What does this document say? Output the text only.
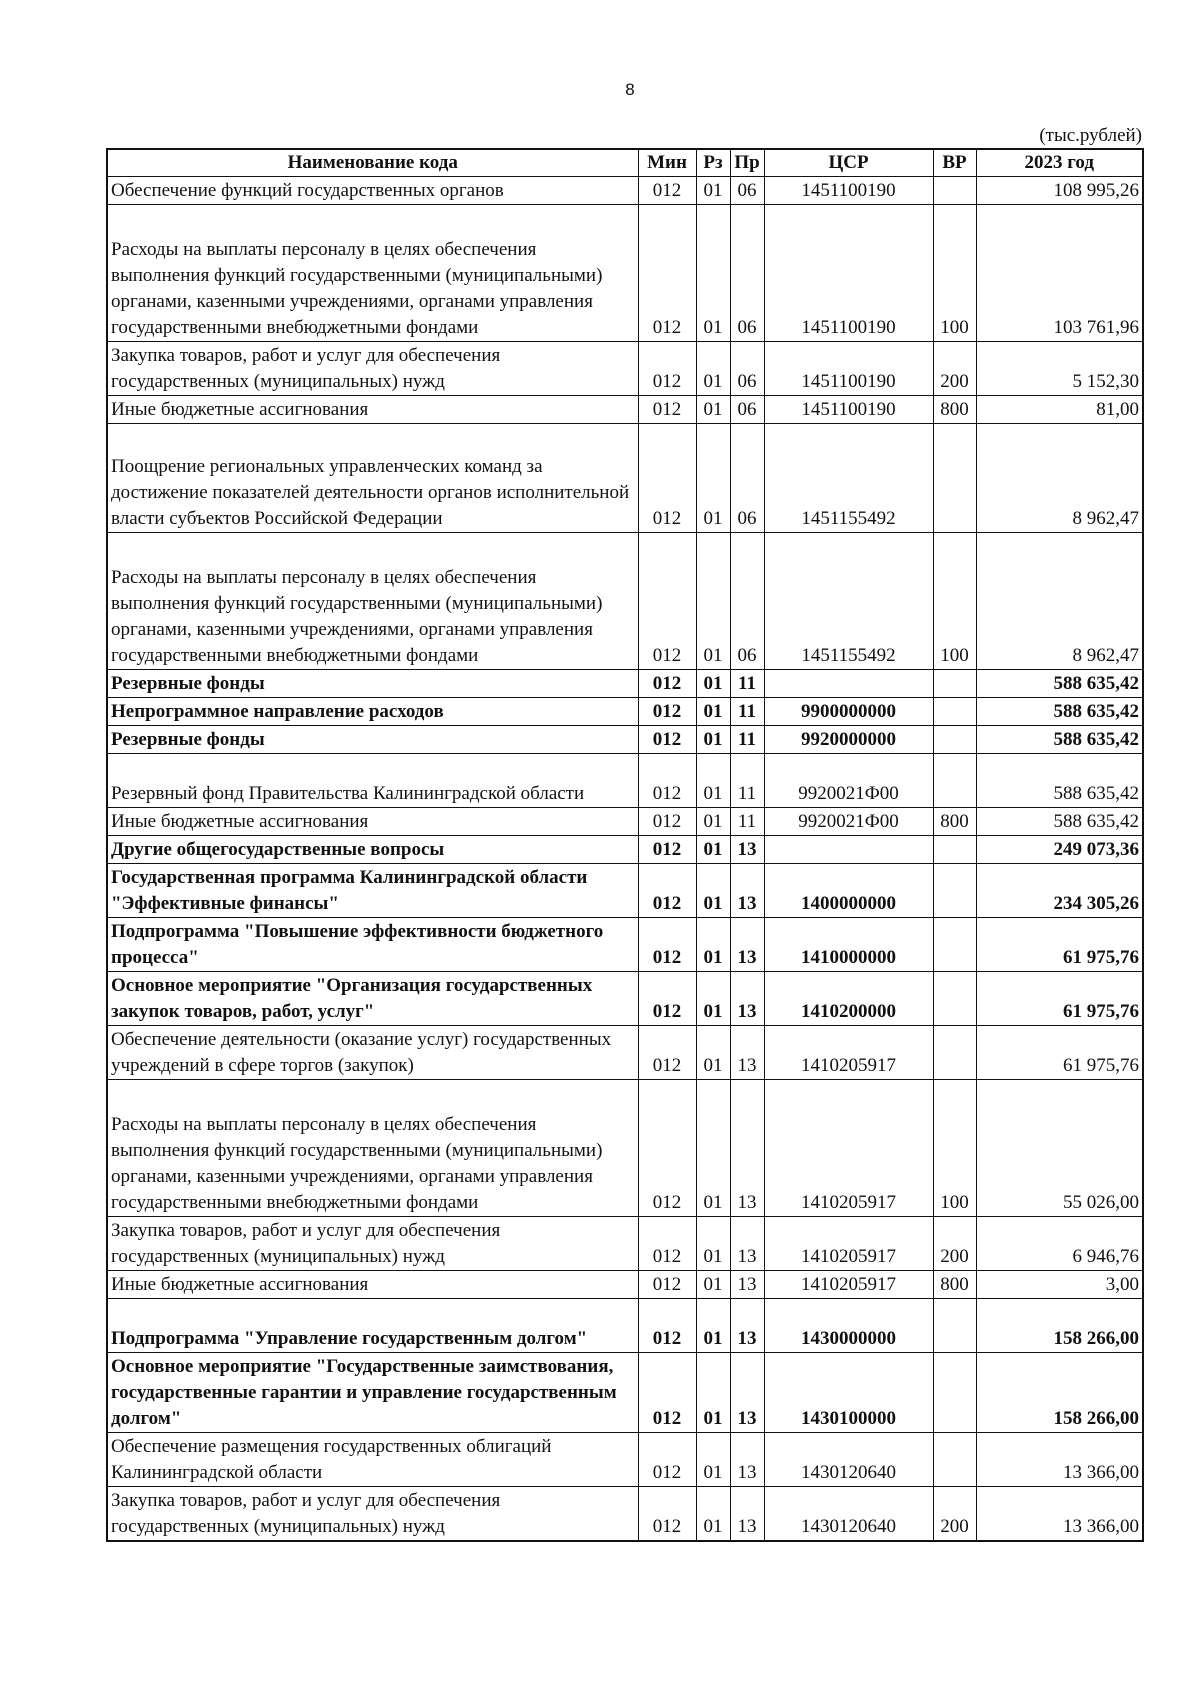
8
(тыс.рублей)
Наименование кода	Мин	Рз	Пр	ЦСР	ВР	2023 год
Обеспечение функций государственных органов	012	01	06	1451100190		108 995,26
Расходы на выплаты персоналу в целях обеспечения выполнения функций государственными (муниципальными) органами, казенными учреждениями, органами управления государственными внебюджетными фондами	012	01	06	1451100190	100	103 761,96
Закупка товаров, работ и услуг для обеспечения государственных (муниципальных) нужд	012	01	06	1451100190	200	5 152,30
Иные бюджетные ассигнования	012	01	06	1451100190	800	81,00
Поощрение региональных управленческих команд за достижение показателей деятельности органов исполнительной власти субъектов Российской Федерации	012	01	06	1451155492		8 962,47
Расходы на выплаты персоналу в целях обеспечения выполнения функций государственными (муниципальными) органами, казенными учреждениями, органами управления государственными внебюджетными фондами	012	01	06	1451155492	100	8 962,47
Резервные фонды	012	01	11			588 635,42
Непрограммное направление расходов	012	01	11	9900000000		588 635,42
Резервные фонды	012	01	11	9920000000		588 635,42
Резервный фонд Правительства Калининградской области	012	01	11	9920021Ф00		588 635,42
Иные бюджетные ассигнования	012	01	11	9920021Ф00	800	588 635,42
Другие общегосударственные вопросы	012	01	13			249 073,36
Государственная программа Калининградской области "Эффективные финансы"	012	01	13	1400000000		234 305,26
Подпрограмма "Повышение эффективности бюджетного процесса"	012	01	13	1410000000		61 975,76
Основное мероприятие "Организация государственных закупок товаров, работ, услуг"	012	01	13	1410200000		61 975,76
Обеспечение деятельности (оказание услуг) государственных учреждений в сфере торгов (закупок)	012	01	13	1410205917		61 975,76
Расходы на выплаты персоналу в целях обеспечения выполнения функций государственными (муниципальными) органами, казенными учреждениями, органами управления государственными внебюджетными фондами	012	01	13	1410205917	100	55 026,00
Закупка товаров, работ и услуг для обеспечения государственных (муниципальных) нужд	012	01	13	1410205917	200	6 946,76
Иные бюджетные ассигнования	012	01	13	1410205917	800	3,00
Подпрограмма "Управление государственным долгом"	012	01	13	1430000000		158 266,00
Основное мероприятие "Государственные заимствования, государственные гарантии и управление государственным долгом"	012	01	13	1430100000		158 266,00
Обеспечение размещения государственных облигаций Калининградской области	012	01	13	1430120640		13 366,00
Закупка товаров, работ и услуг для обеспечения государственных (муниципальных) нужд	012	01	13	1430120640	200	13 366,00
